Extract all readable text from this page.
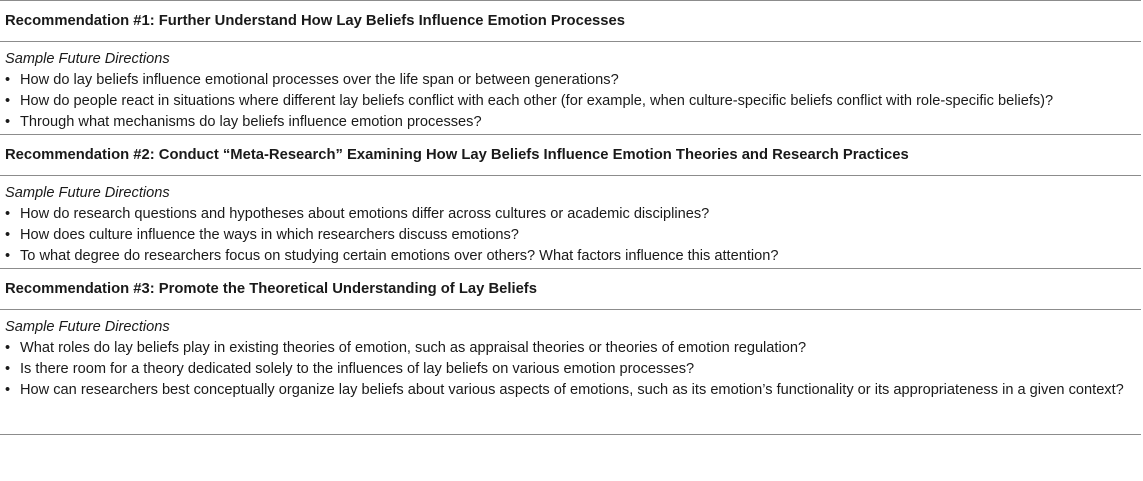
Recommendation #1: Further Understand How Lay Beliefs Influence Emotion Processes
Sample Future Directions
• How do lay beliefs influence emotional processes over the life span or between generations?
• How do people react in situations where different lay beliefs conflict with each other (for example, when culture-specific beliefs conflict with role-specific beliefs)?
• Through what mechanisms do lay beliefs influence emotion processes?
Recommendation #2: Conduct “Meta-Research” Examining How Lay Beliefs Influence Emotion Theories and Research Practices
Sample Future Directions
• How do research questions and hypotheses about emotions differ across cultures or academic disciplines?
• How does culture influence the ways in which researchers discuss emotions?
• To what degree do researchers focus on studying certain emotions over others? What factors influence this attention?
Recommendation #3: Promote the Theoretical Understanding of Lay Beliefs
Sample Future Directions
• What roles do lay beliefs play in existing theories of emotion, such as appraisal theories or theories of emotion regulation?
• Is there room for a theory dedicated solely to the influences of lay beliefs on various emotion processes?
• How can researchers best conceptually organize lay beliefs about various aspects of emotions, such as its emotion’s functionality or its appropriateness in a given context?
